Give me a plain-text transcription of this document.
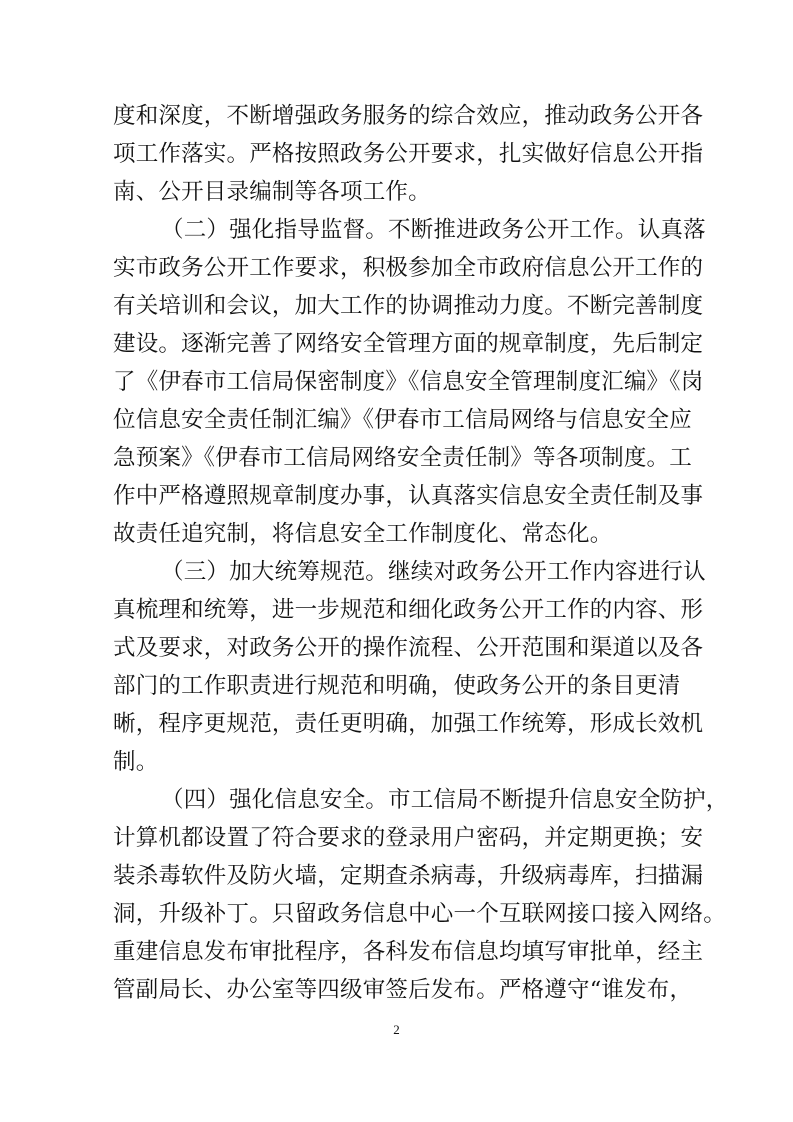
度和深度，不断增强政务服务的综合效应，推动政务公开各
项工作落实。严格按照政务公开要求，扎实做好信息公开指
南、公开目录编制等各项工作。
（二）强化指导监督。不断推进政务公开工作。认真落
实市政务公开工作要求，积极参加全市政府信息公开工作的
有关培训和会议，加大工作的协调推动力度。不断完善制度
建设。逐渐完善了网络安全管理方面的规章制度，先后制定
了《伊春市工信局保密制度》《信息安全管理制度汇编》《岗
位信息安全责任制汇编》《伊春市工信局网络与信息安全应
急预案》《伊春市工信局网络安全责任制》等各项制度。工
作中严格遵照规章制度办事，认真落实信息安全责任制及事
故责任追究制，将信息安全工作制度化、常态化。
（三）加大统筹规范。继续对政务公开工作内容进行认
真梳理和统筹，进一步规范和细化政务公开工作的内容、形
式及要求，对政务公开的操作流程、公开范围和渠道以及各
部门的工作职责进行规范和明确，使政务公开的条目更清
晰，程序更规范，责任更明确，加强工作统筹，形成长效机
制。
（四）强化信息安全。市工信局不断提升信息安全防护，
计算机都设置了符合要求的登录用户密码，并定期更换；安
装杀毒软件及防火墙，定期查杀病毒，升级病毒库，扫描漏
洞，升级补丁。只留政务信息中心一个互联网接口接入网络。
重建信息发布审批程序，各科发布信息均填写审批单，经主
管副局长、办公室等四级审签后发布。严格遵守“谁发布，
2
